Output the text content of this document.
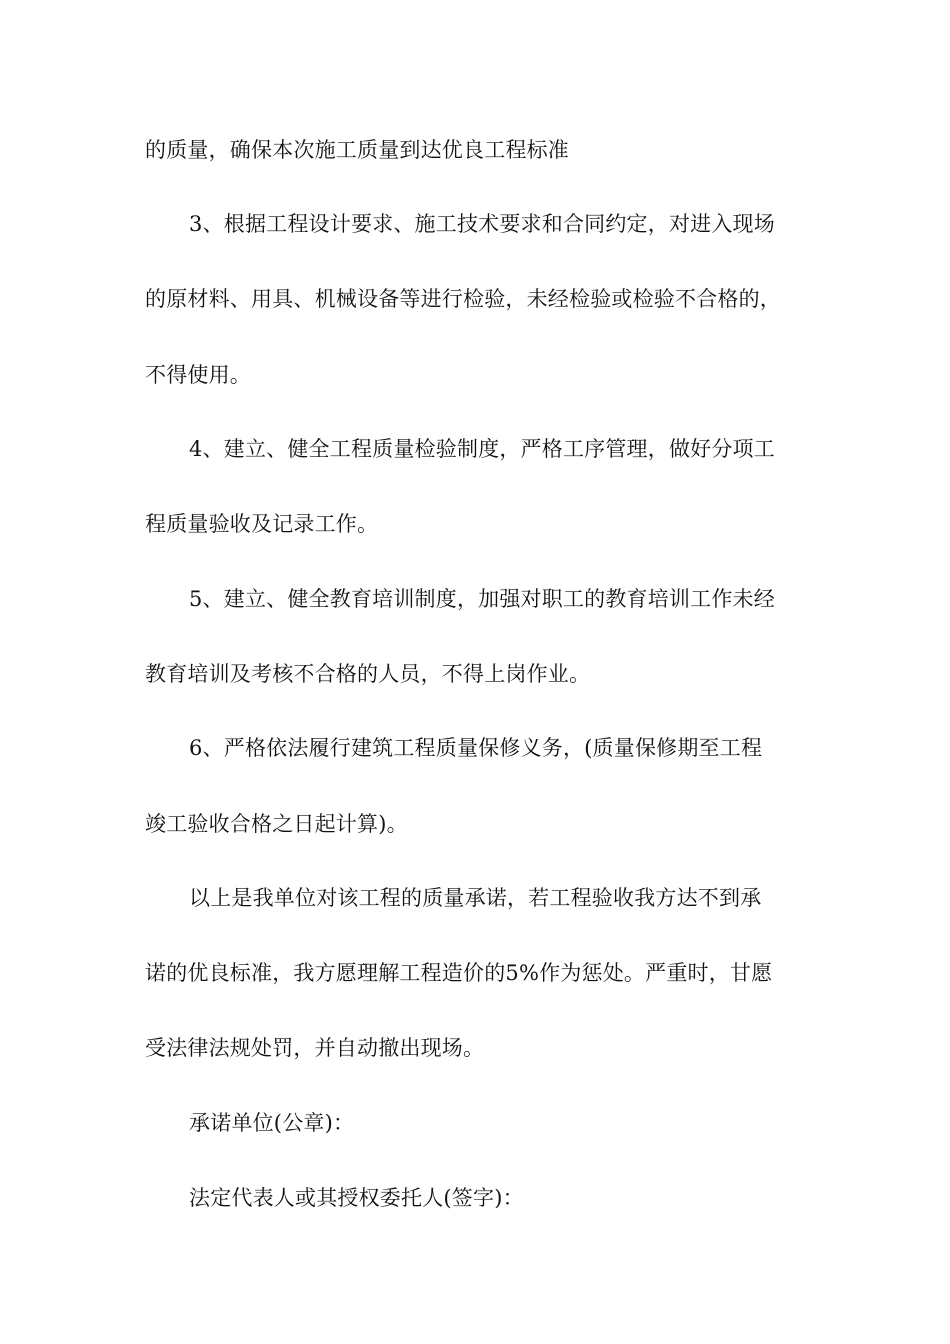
的质量，确保本次施工质量到达优良工程标准
3、根据工程设计要求、施工技术要求和合同约定，对进入现场
的原材料、用具、机械设备等进行检验，未经检验或检验不合格的，
不得使用。
4、建立、健全工程质量检验制度，严格工序管理，做好分项工
程质量验收及记录工作。
5、建立、健全教育培训制度，加强对职工的教育培训工作未经
教育培训及考核不合格的人员，不得上岗作业。
6、严格依法履行建筑工程质量保修义务，(质量保修期至工程
竣工验收合格之日起计算)。
以上是我单位对该工程的质量承诺，若工程验收我方达不到承
诺的优良标准，我方愿理解工程造价的5%作为惩处。严重时，甘愿
受法律法规处罚，并自动撤出现场。
承诺单位(公章)：
法定代表人或其授权委托人(签字)：
